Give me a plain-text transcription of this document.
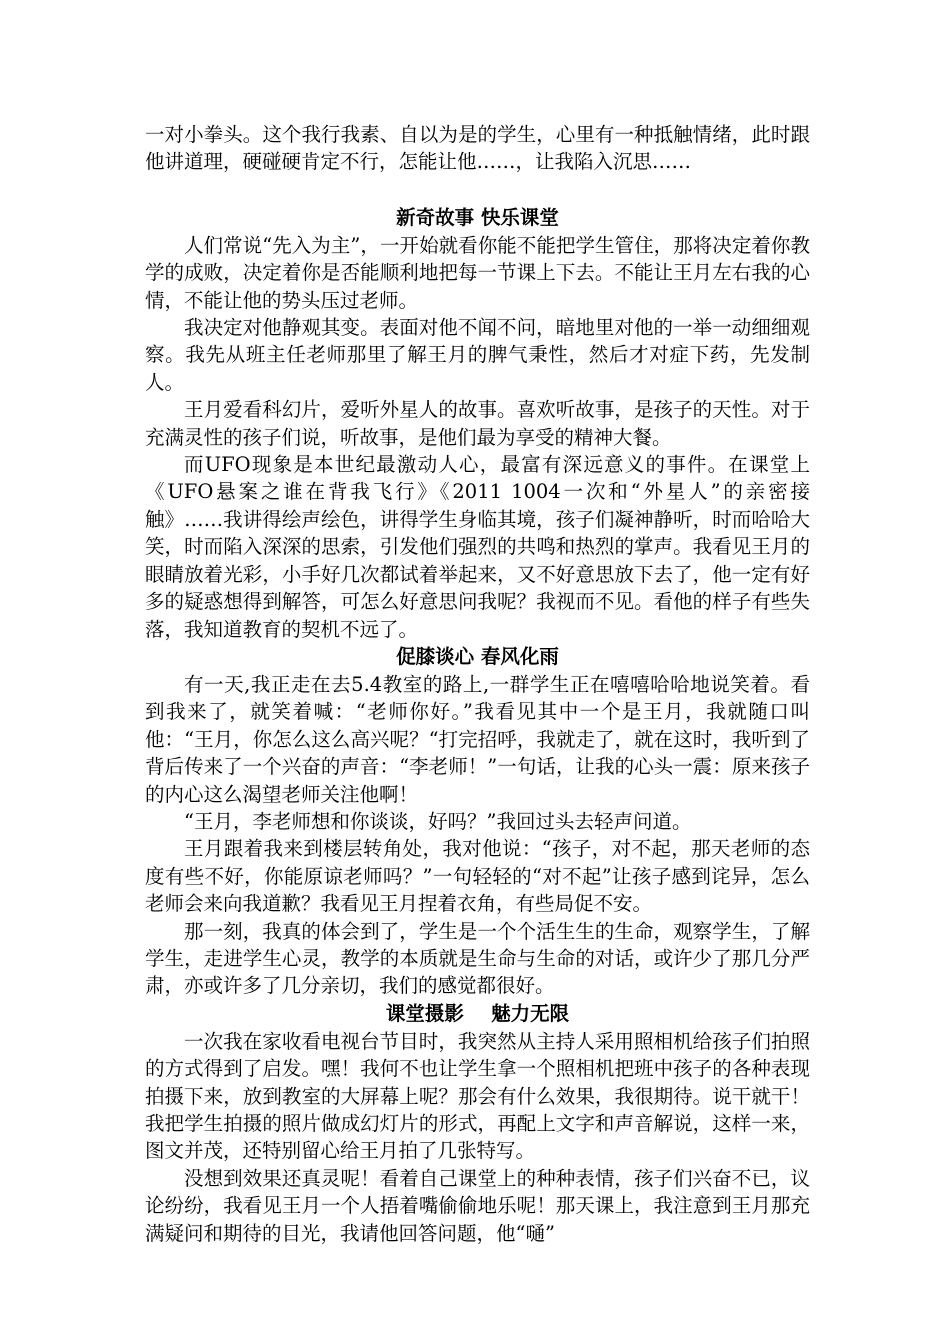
一对小拳头。这个我行我素、自以为是的学生，心里有一种抵触情绪，此时跟他讲道理，硬碰硬肯定不行，怎能让他……，让我陷入沉思……

新奇故事 快乐课堂

人们常说“先入为主”，一开始就看你能不能把学生管住，那将决定着你教学的成败，决定着你是否能顺利地把每一节课上下去。不能让王月左右我的心情，不能让他的势头压过老师。

我决定对他静观其变。表面对他不闻不问，暗地里对他的一举一动细细观察。我先从班主任老师那里了解王月的脾气秉性，然后才对症下药，先发制人。

王月爱看科幻片，爱听外星人的故事。喜欢听故事，是孩子的天性。对于充满灵性的孩子们说，听故事，是他们最为享受的精神大餐。

而UFO现象是本世纪最激动人心，最富有深远意义的事件。在课堂上《UFO悬案之谁在背我飞行》《2011 1004一次和“外星人”的亲密接触》……我讲得绘声绘色，讲得学生身临其境，孩子们凝神静听，时而哈哈大笑，时而陷入深深的思索，引发他们强烈的共鸣和热烈的掌声。我看见王月的眼睛放着光彩，小手好几次都试着举起来，又不好意思放下去了，他一定有好多的疑惑想得到解答，可怎么好意思问我呢？我视而不见。看他的样子有些失落，我知道教育的契机不远了。

促膝谈心 春风化雨

有一天,我正走在去5.4教室的路上,一群学生正在嘻嘻哈哈地说笑着。看到我来了，就笑着喊：“老师你好。”我看见其中一个是王月，我就随口叫他：“王月，你怎么这么高兴呢？“打完招呼，我就走了，就在这时，我听到了背后传来了一个兴奋的声音：“李老师！”一句话，让我的心头一震：原来孩子的内心这么渴望老师关注他啊！

“王月，李老师想和你谈谈，好吗？”我回过头去轻声问道。

王月跟着我来到楼层转角处，我对他说：“孩子，对不起，那天老师的态度有些不好，你能原谅老师吗？”一句轻轻的“对不起”让孩子感到诧异，怎么老师会来向我道歉？我看见王月捏着衣角，有些局促不安。

那一刻，我真的体会到了，学生是一个个活生生的生命，观察学生，了解学生，走进学生心灵，教学的本质就是生命与生命的对话，或许少了那几分严肃，亦或许多了几分亲切，我们的感觉都很好。

课堂摄影    魅力无限

一次我在家收看电视台节目时，我突然从主持人采用照相机给孩子们拍照的方式得到了启发。嘿！我何不也让学生拿一个照相机把班中孩子的各种表现拍摄下来，放到教室的大屏幕上呢？那会有什么效果，我很期待。说干就干！我把学生拍摄的照片做成幻灯片的形式，再配上文字和声音解说，这样一来，图文并茂，还特别留心给王月拍了几张特写。

没想到效果还真灵呢！看着自己课堂上的种种表情，孩子们兴奋不已，议论纷纷，我看见王月一个人捂着嘴偷偷地乐呢！那天课上，我注意到王月那充满疑问和期待的目光，我请他回答问题，他“嗵”
